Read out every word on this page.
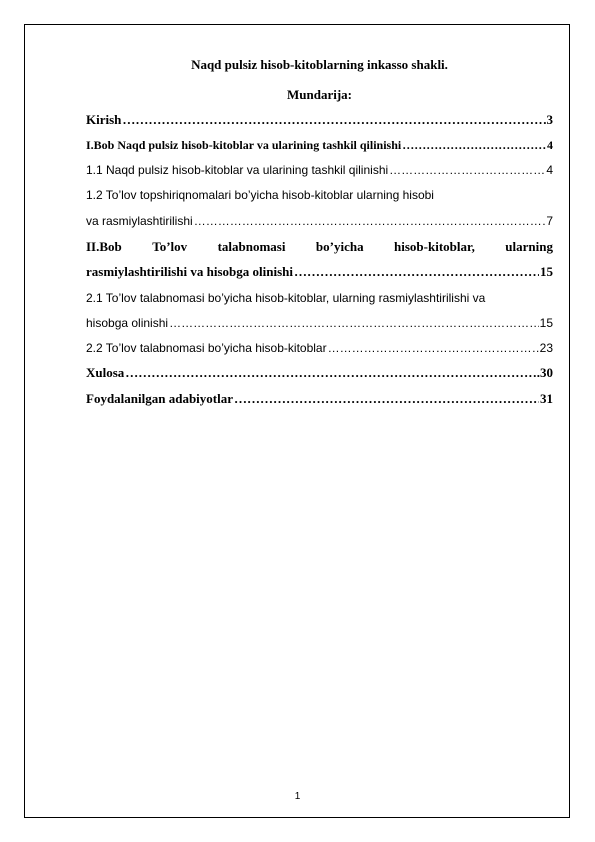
Naqd pulsiz hisob-kitoblarning inkasso shakli.
Mundarija:
Kirish ………………………………………………………………………………………………………………………………………………………………………	.3
I.Bob Naqd pulsiz hisob-kitoblar va ularining tashkil qilinishi ………………………………………………………………………………………………………………………………………………………………………	4
1.1 Naqd pulsiz hisob-kitoblar va ularining tashkil qilinishi ………………………………………………………………………………………………………………………………………………………………………	4
1.2 To’lov topshiriqnomalari bo’yicha hisob-kitoblar ularning hisobi
va rasmiylashtirilishi ………………………………………………………………………………………………………………………………………………………………………	7
II.Bob To’lov talabnomasi bo’yicha hisob-kitoblar, ularning
rasmiylashtirilishi va hisobga olinishi ………………………………………………………………………………………………………………………………………………………………………	15
2.1 To’lov talabnomasi bo’yicha hisob-kitoblar, ularning rasmiylashtirilishi va
hisobga olinishi ………………………………………………………………………………………………………………………………………………………………………	15
2.2 To’lov talabnomasi bo’yicha hisob-kitoblar ………………………………………………………………………………………………………………………………………………………………………	23
Xulosa ………………………………………………………………………………………………………………………………………………………………………	.30
Foydalanilgan adabiyotlar ………………………………………………………………………………………………………………………………………………………………………	31
1
